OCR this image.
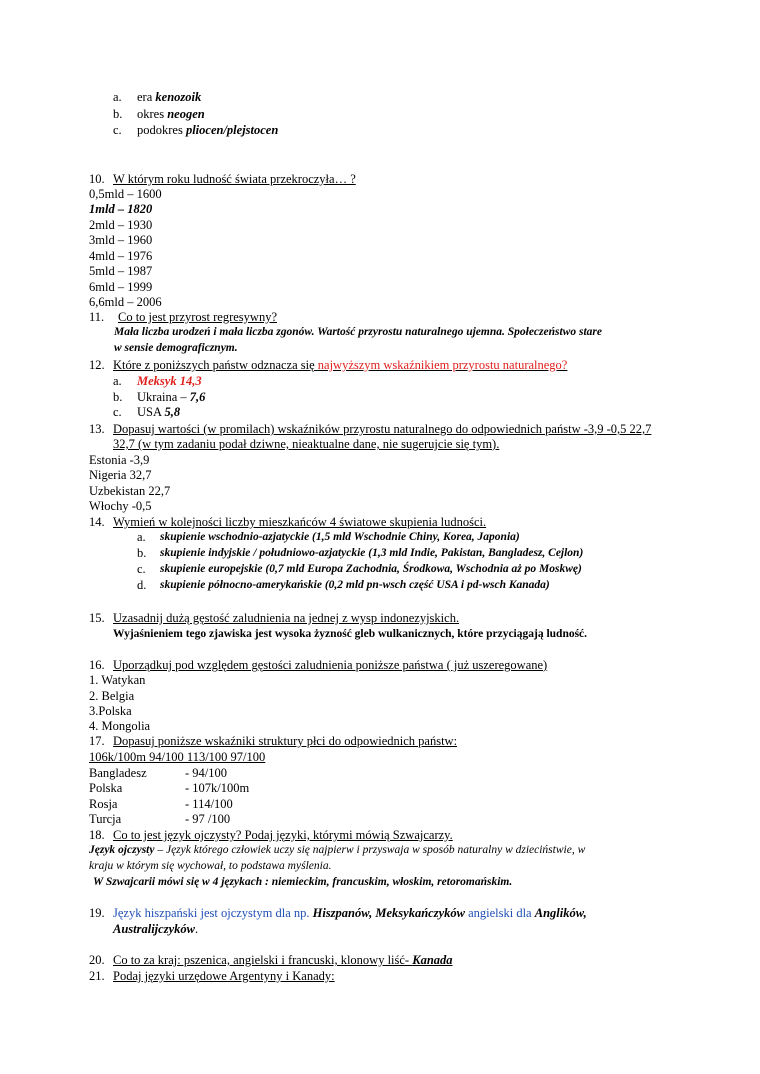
a. era kenozoik
b. okres neogen
c. podokres pliocen/plejstocen
10. W którym roku ludność świata przekroczyła… ?
0,5mld – 1600
1mld – 1820
2mld – 1930
3mld – 1960
4mld – 1976
5mld – 1987
6mld – 1999
6,6mld – 2006
11. Co to jest przyrost regresywny?
Mała liczba urodzeń i mała liczba zgonów. Wartość przyrostu naturalnego ujemna. Społeczeństwo stare
w sensie demograficznym.
12. Które z poniższych państw odznacza się najwyższym wskaźnikiem przyrostu naturalnego?
a. Meksyk 14,3
b. Ukraina – 7,6
c. USA 5,8
13. Dopasuj wartości (w promilach) wskaźników przyrostu naturalnego do odpowiednich państw -3,9 -0,5 22,7
32,7 (w tym zadaniu podał dziwne, nieaktualne dane, nie sugerujcie się tym).
Estonia -3,9
Nigeria 32,7
Uzbekistan 22,7
Włochy -0,5
14. Wymień w kolejności liczby mieszkańców 4 światowe skupienia ludności.
a. skupienie wschodnio-azjatyckie (1,5 mld Wschodnie Chiny, Korea, Japonia)
b. skupienie indyjskie / południowo-azjatyckie (1,3 mld Indie, Pakistan, Bangladesz, Cejlon)
c. skupienie europejskie (0,7 mld Europa Zachodnia, Środkowa, Wschodnia aż po Moskwę)
d. skupienie północno-amerykańskie (0,2 mld pn-wsch część USA i pd-wsch Kanada)
15. Uzasadnij dużą gęstość zaludnienia na jednej z wysp indonezyjskich.
Wyjaśnieniem tego zjawiska jest wysoka żyzność gleb wulkanicznych, które przyciągają ludność.
16. Uporządkuj pod względem gęstości zaludnienia poniższe państwa ( już uszeregowane)
1. Watykan
2. Belgia
3.Polska
4. Mongolia
17. Dopasuj poniższe wskaźniki struktury płci do odpowiednich państw:
106k/100m 94/100 113/100 97/100
Bangladesz	- 94/100
Polska	- 107k/100m
Rosja	- 114/100
Turcja	- 97 /100
18. Co to jest język ojczysty? Podaj języki, którymi mówią Szwajcarzy.
Język ojczysty – Język którego człowiek uczy się najpierw i przyswaja w sposób naturalny w dzieciństwie, w
kraju w którym się wychował, to podstawa myślenia.
W Szwajcarii mówi się w 4 językach : niemieckim, francuskim, włoskim, retoromańskim.
19. Język hiszpański jest ojczystym dla np. Hiszpanów, Meksykańczyków angielski dla Anglików,
Australijczyków.
20. Co to za kraj: pszenica, angielski i francuski, klonowy liść- Kanada
21. Podaj języki urzędowe Argentyny i Kanady:
